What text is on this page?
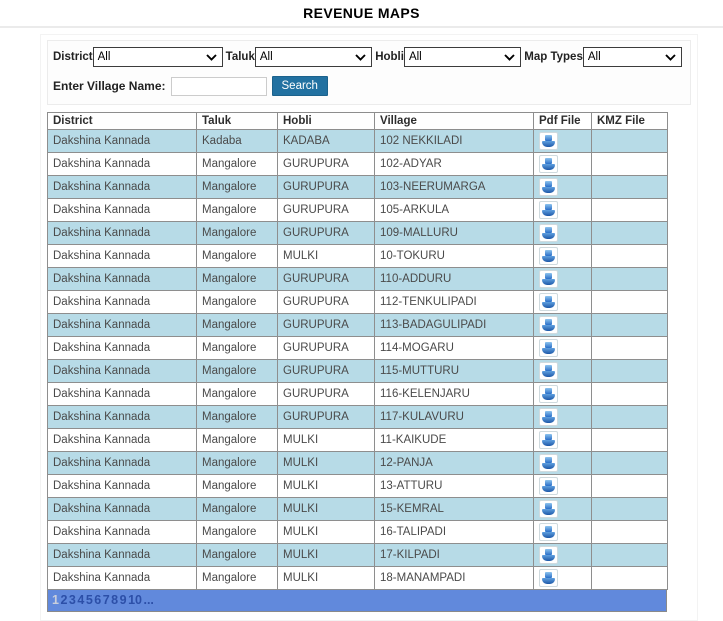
REVENUE MAPS
District All	Taluk All	Hobli All	Map Types All
Enter Village Name:	Search
District	Taluk	Hobli	Village	Pdf File	KMZ File
Dakshina Kannada	Kadaba	KADABA	102 NEKKILADI	

Dakshina Kannada	Mangalore	GURUPURA	102-ADYAR	

Dakshina Kannada	Mangalore	GURUPURA	103-NEERUMARGA	

Dakshina Kannada	Mangalore	GURUPURA	105-ARKULA	

Dakshina Kannada	Mangalore	GURUPURA	109-MALLURU	

Dakshina Kannada	Mangalore	MULKI	10-TOKURU	

Dakshina Kannada	Mangalore	GURUPURA	110-ADDURU	

Dakshina Kannada	Mangalore	GURUPURA	112-TENKULIPADI	

Dakshina Kannada	Mangalore	GURUPURA	113-BADAGULIPADI	

Dakshina Kannada	Mangalore	GURUPURA	114-MOGARU	

Dakshina Kannada	Mangalore	GURUPURA	115-MUTTURU	

Dakshina Kannada	Mangalore	GURUPURA	116-KELENJARU	

Dakshina Kannada	Mangalore	GURUPURA	117-KULAVURU	

Dakshina Kannada	Mangalore	MULKI	11-KAIKUDE	

Dakshina Kannada	Mangalore	MULKI	12-PANJA	

Dakshina Kannada	Mangalore	MULKI	13-ATTURU	

Dakshina Kannada	Mangalore	MULKI	15-KEMRAL	

Dakshina Kannada	Mangalore	MULKI	16-TALIPADI	

Dakshina Kannada	Mangalore	MULKI	17-KILPADI	

Dakshina Kannada	Mangalore	MULKI	18-MANAMPADI	

1 2 3 4 5 6 7 8 9 10 ...
